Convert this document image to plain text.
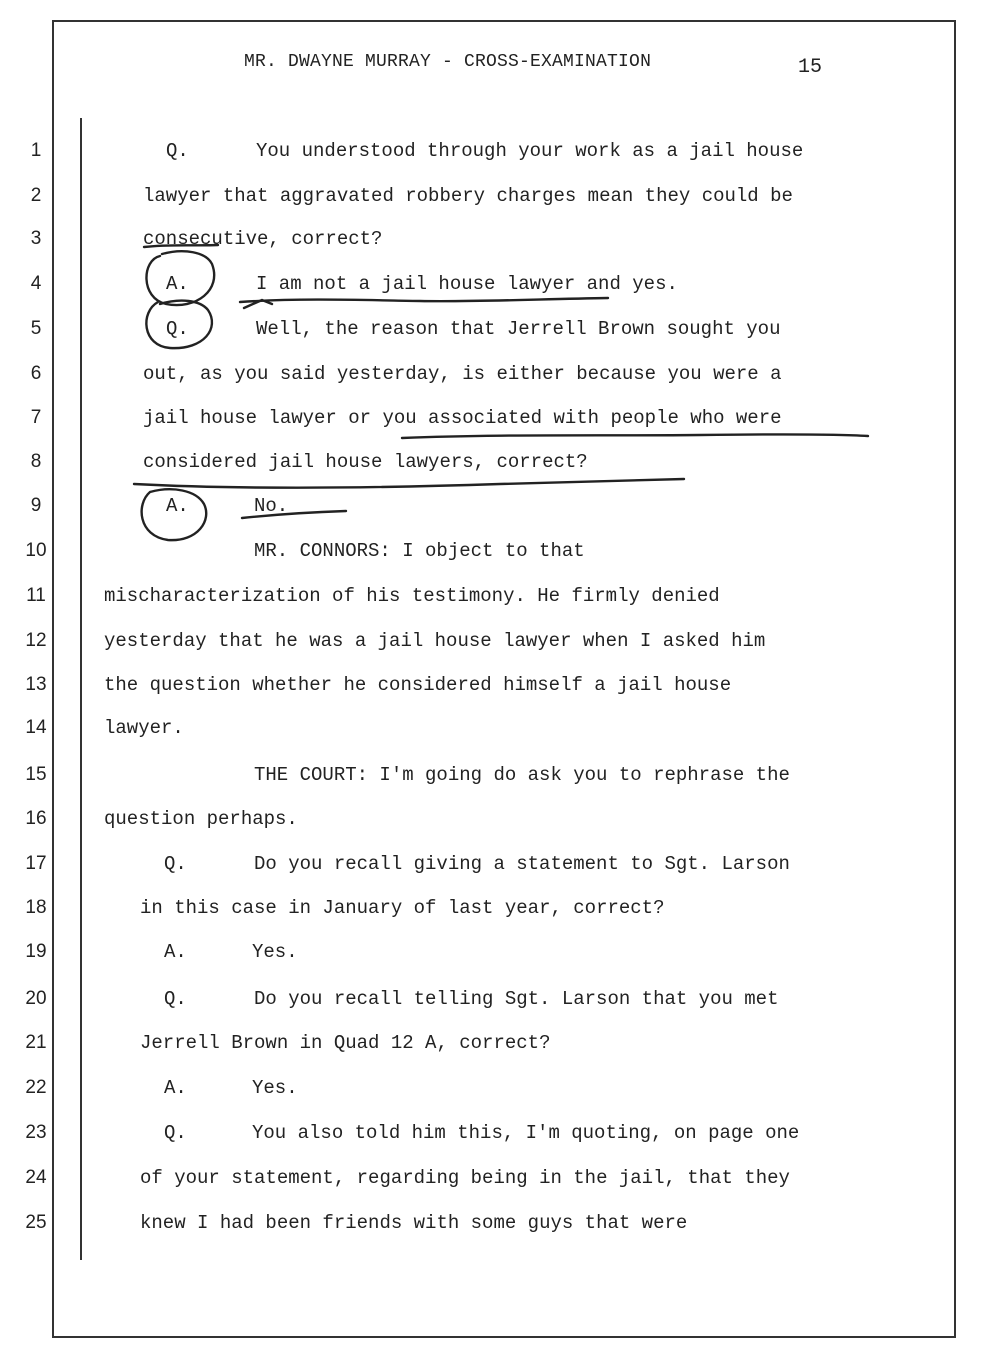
MR. DWAYNE MURRAY - CROSS-EXAMINATION	15
1	Q.	You understood through your work as a jail house
2	lawyer that aggravated robbery charges mean they could be
3	consecutive, correct?
4	A.	I am not a jail house lawyer and yes.
5	Q.	Well, the reason that Jerrell Brown sought you
6	out, as you said yesterday, is either because you were a
7	jail house lawyer or you associated with people who were
8	considered jail house lawyers, correct?
9	A.	No.
10	MR. CONNORS: I object to that
11	mischaracterization of his testimony. He firmly denied
12	yesterday that he was a jail house lawyer when I asked him
13	the question whether he considered himself a jail house
14	lawyer.
15	THE COURT: I'm going do ask you to rephrase the
16	question perhaps.
17	Q.	Do you recall giving a statement to Sgt. Larson
18	in this case in January of last year, correct?
19	A.	Yes.
20	Q.	Do you recall telling Sgt. Larson that you met
21	Jerrell Brown in Quad 12 A, correct?
22	A.	Yes.
23	Q.	You also told him this, I'm quoting, on page one
24	of your statement, regarding being in the jail, that they
25	knew I had been friends with some guys that were
